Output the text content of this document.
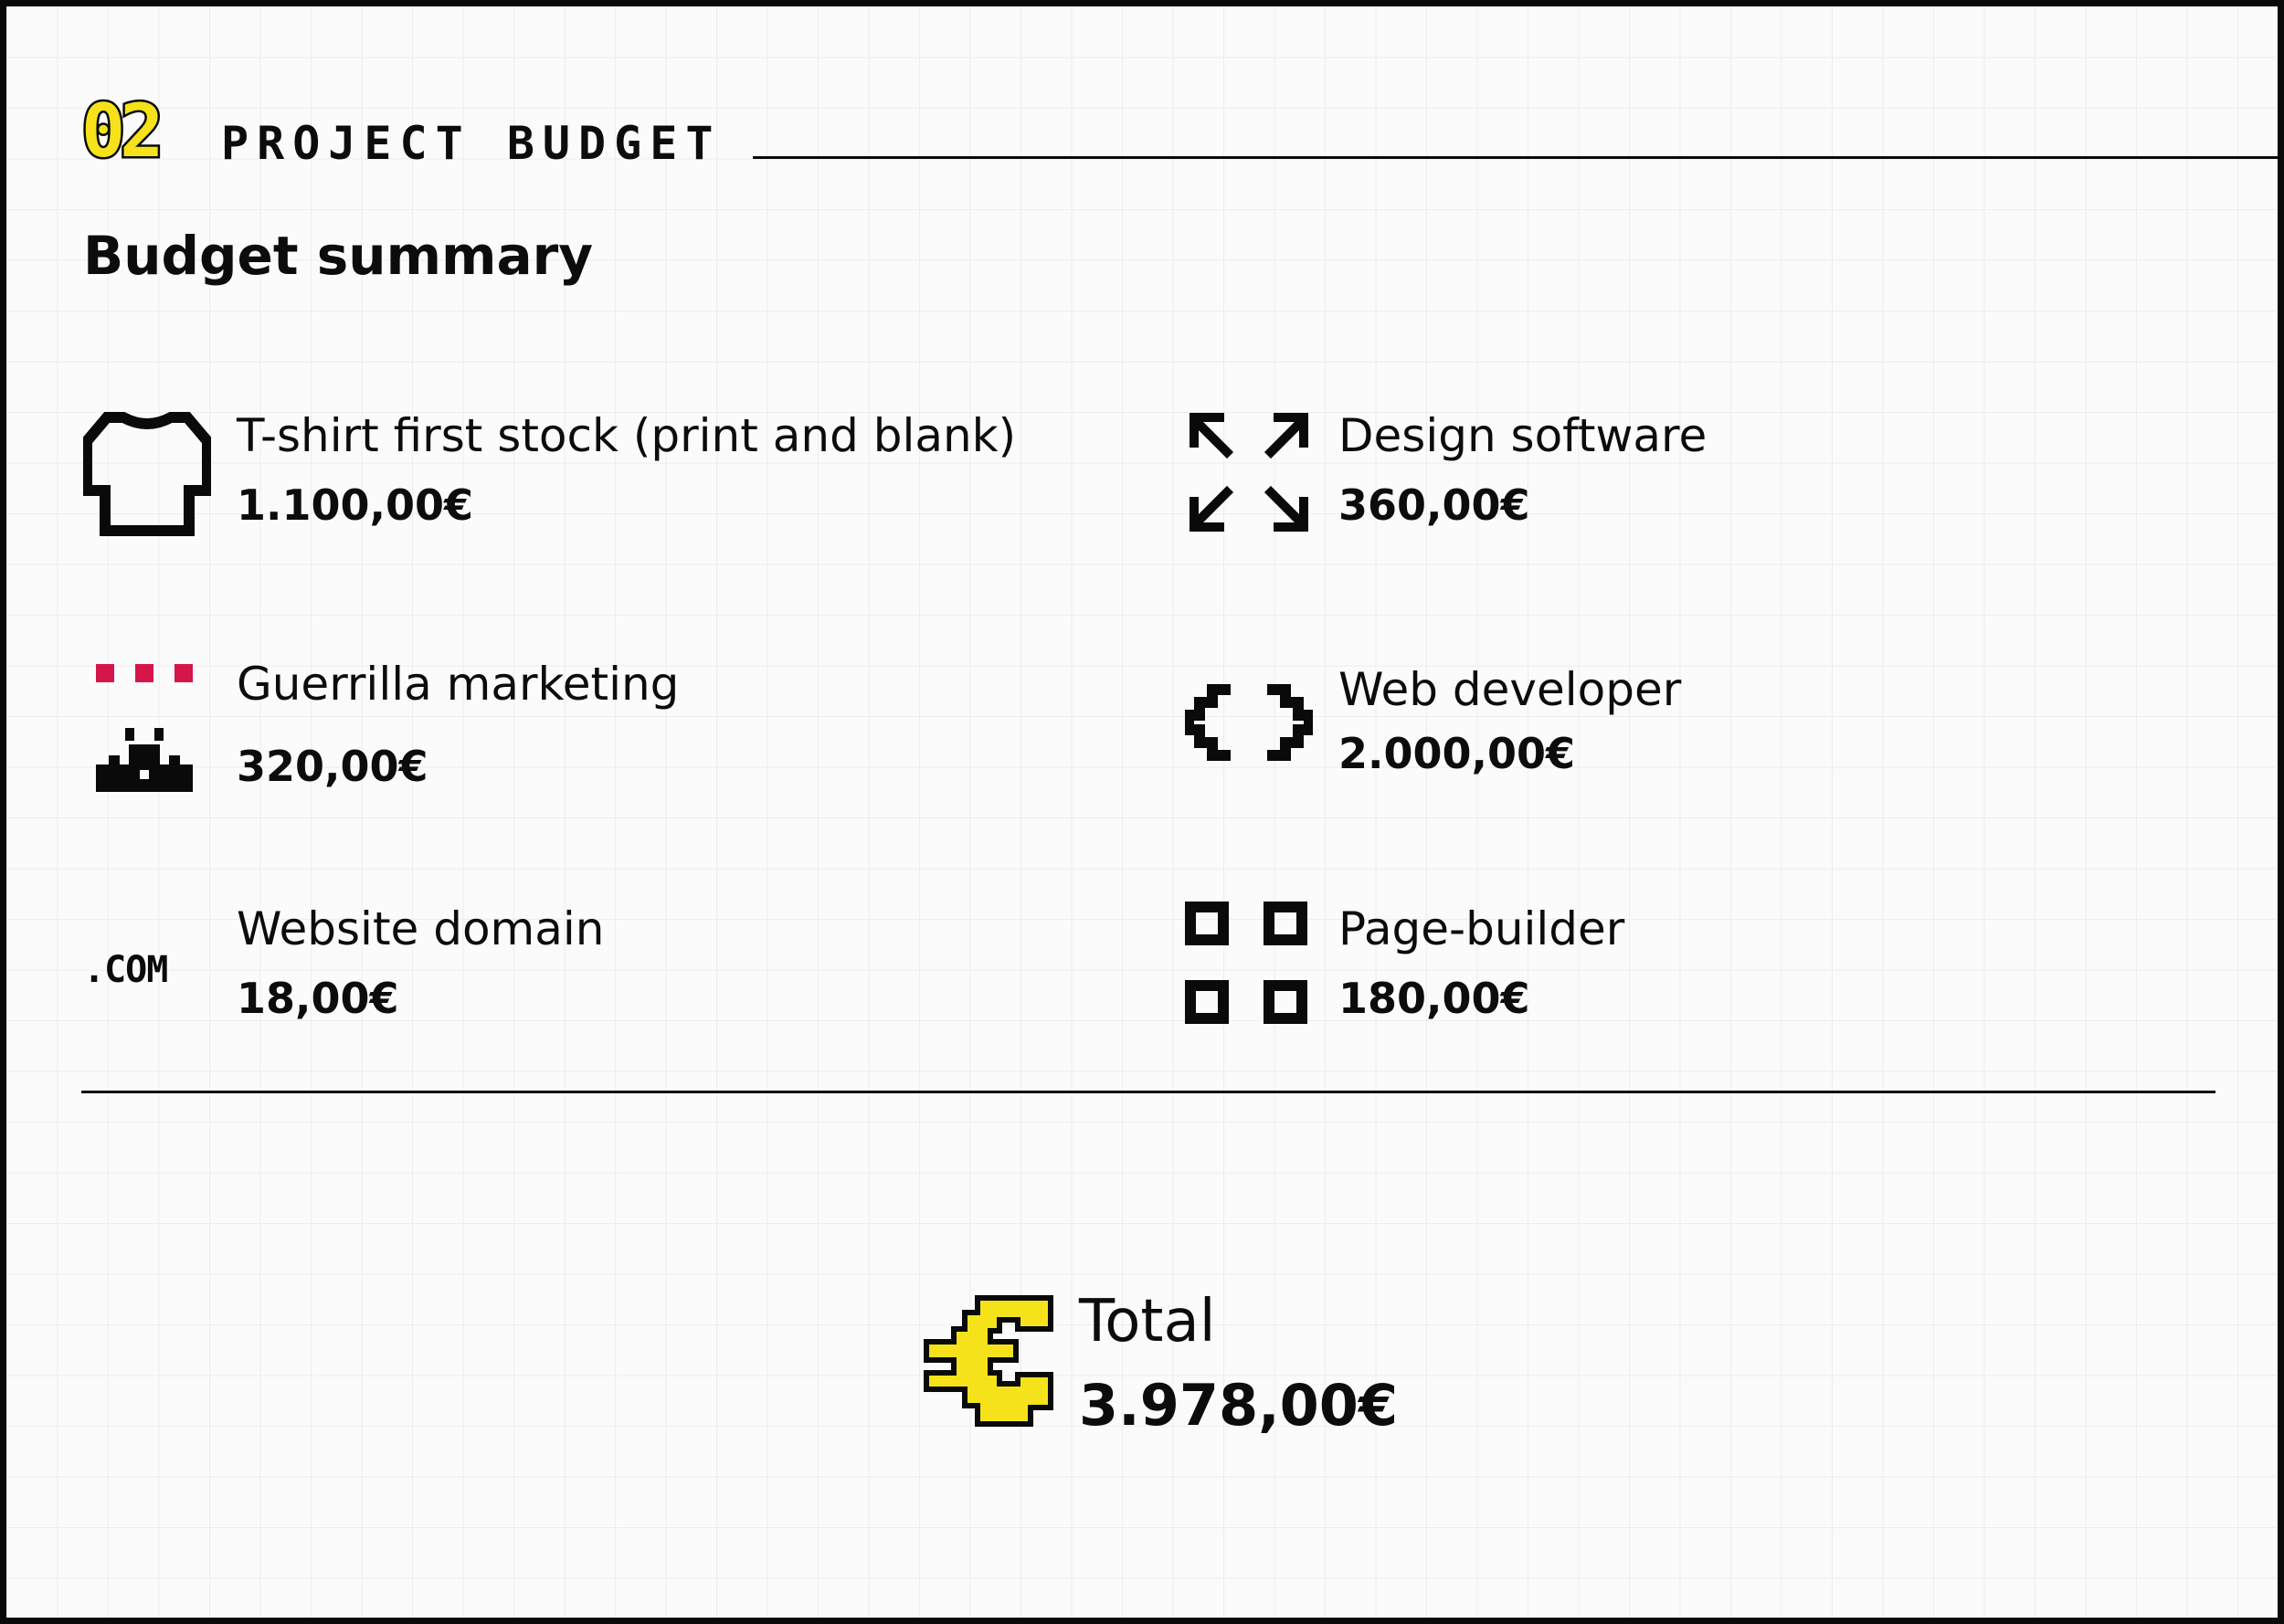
02 PROJECT BUDGET
Budget summary
T-shirt first stock (print and blank)
1.100,00€
Design software
360,00€
Guerrilla marketing
320,00€
Web developer
2.000,00€
.COM
Website domain
18,00€
Page-builder
180,00€
Total
3.978,00€
